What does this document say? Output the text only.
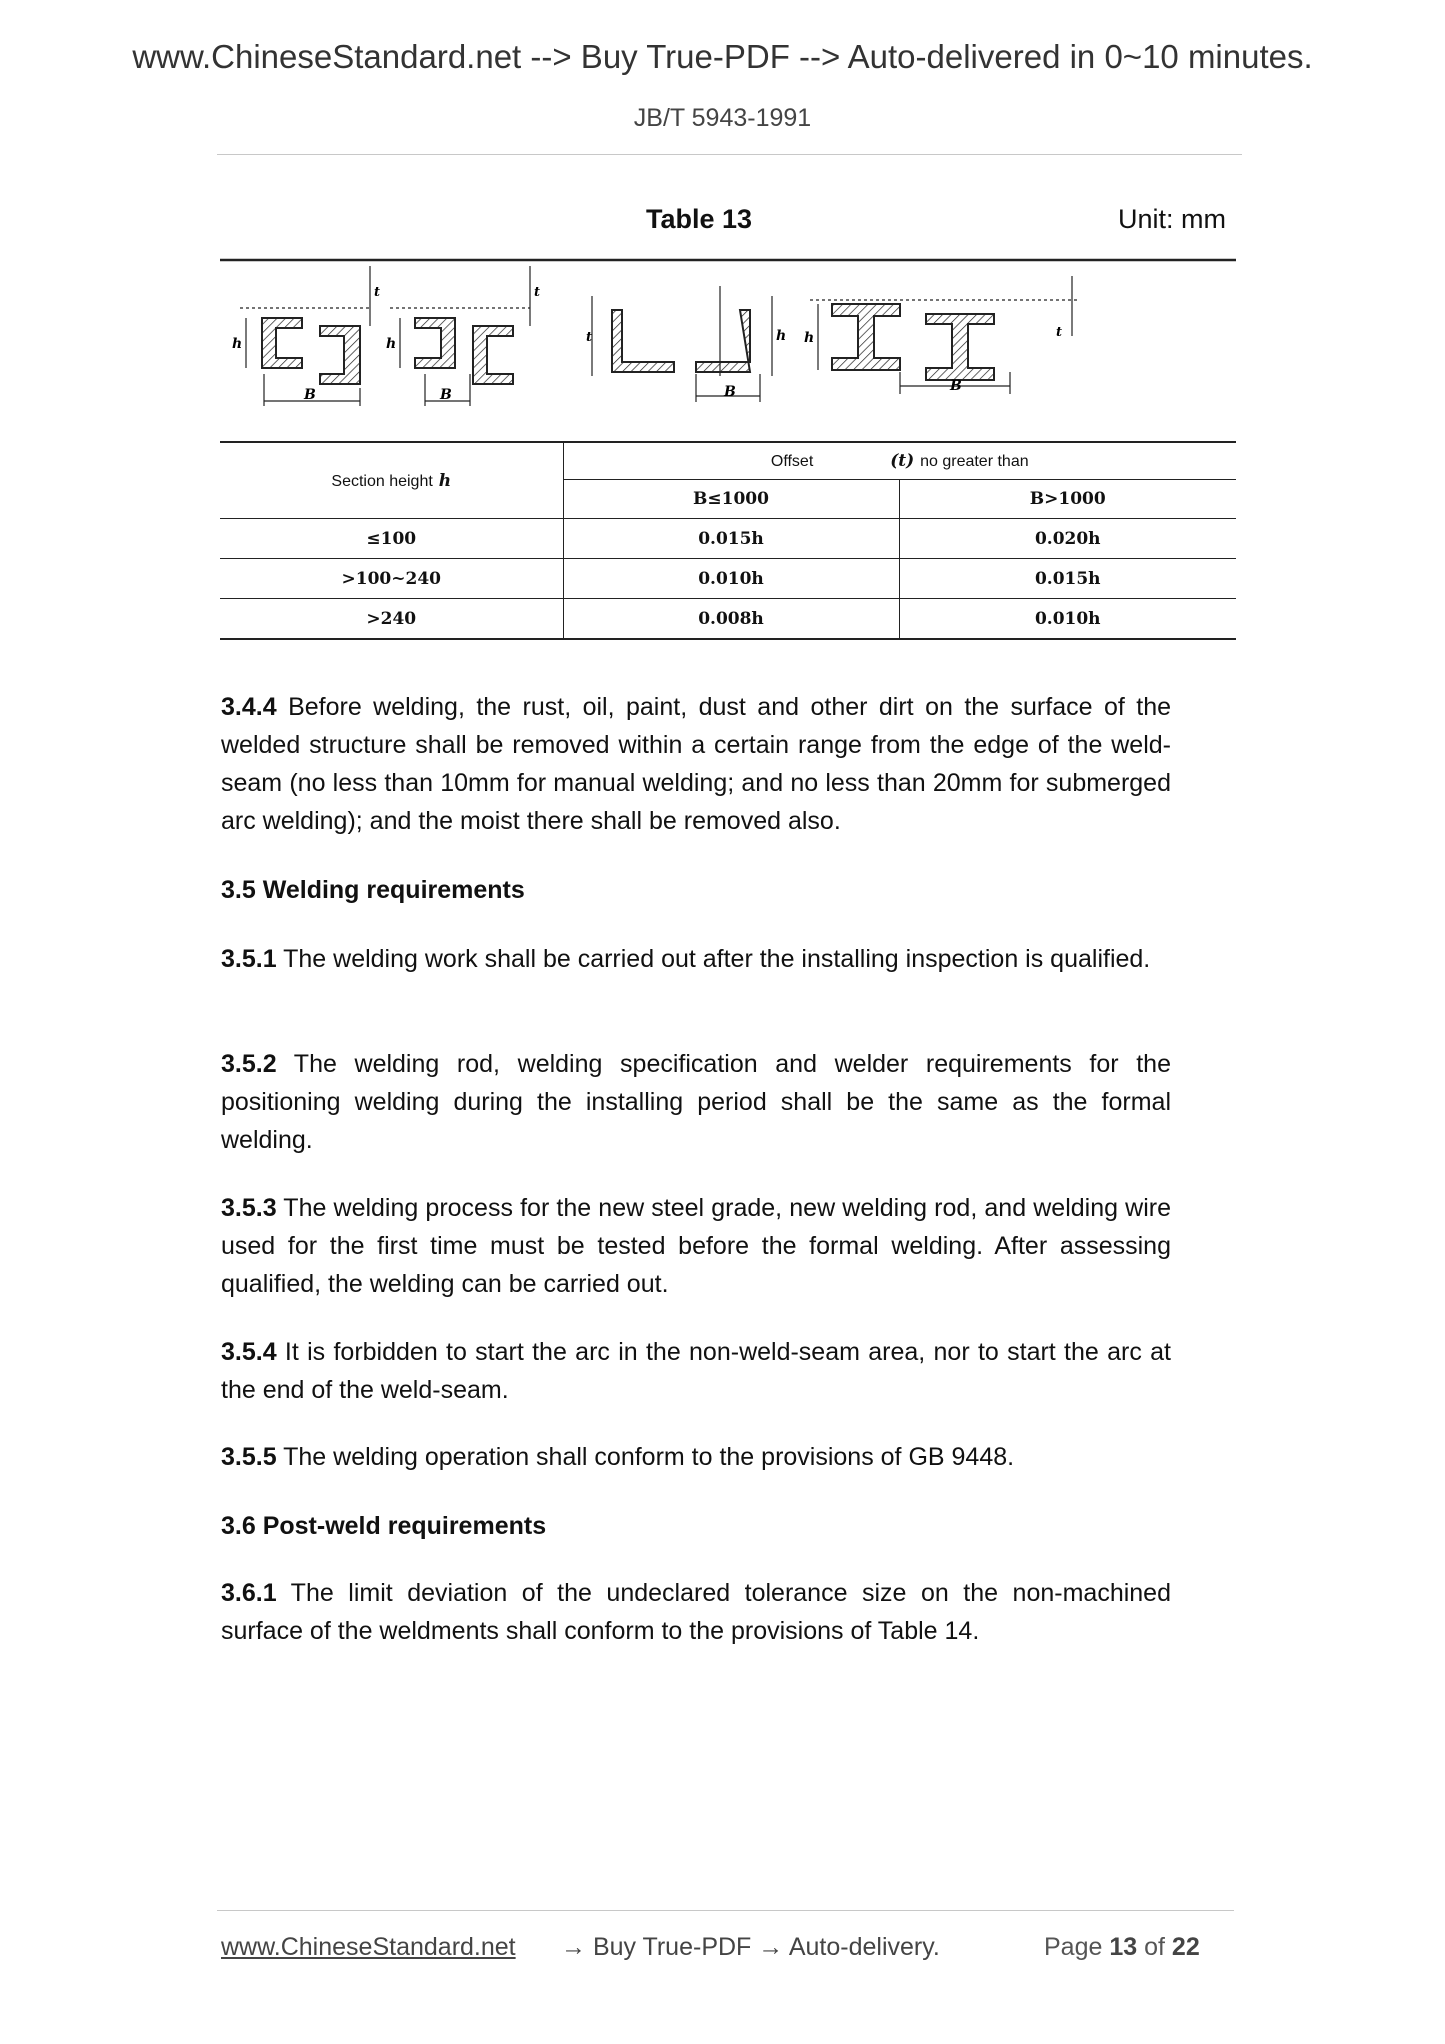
www.ChineseStandard.net --> Buy True-PDF --> Auto-delivered in 0~10 minutes.
JB/T 5943-1991
Table 13	Unit: mm
B
h
t
B
h
t
t
B
h h
B
t
Section height h	Offset (t) no greater than	
	B≤1000	B>1000
≤100	0.015h	0.020h
>100~240	0.010h	0.015h
>240	0.008h	0.010h
3.4.4 Before welding, the rust, oil, paint, dust and other dirt on the surface of the welded structure shall be removed within a certain range from the edge of the weld-seam (no less than 10mm for manual welding; and no less than 20mm for submerged arc welding); and the moist there shall be removed also.
3.5 Welding requirements
3.5.1 The welding work shall be carried out after the installing inspection is qualified.
3.5.2 The welding rod, welding specification and welder requirements for the positioning welding during the installing period shall be the same as the formal welding.
3.5.3 The welding process for the new steel grade, new welding rod, and welding wire used for the first time must be tested before the formal welding. After assessing qualified, the welding can be carried out.
3.5.4 It is forbidden to start the arc in the non-weld-seam area, nor to start the arc at the end of the weld-seam.
3.5.5 The welding operation shall conform to the provisions of GB 9448.
3.6 Post-weld requirements
3.6.1 The limit deviation of the undeclared tolerance size on the non-machined surface of the weldments shall conform to the provisions of Table 14.
www.ChineseStandard.net → Buy True-PDF → Auto-delivery.	Page 13 of 22
